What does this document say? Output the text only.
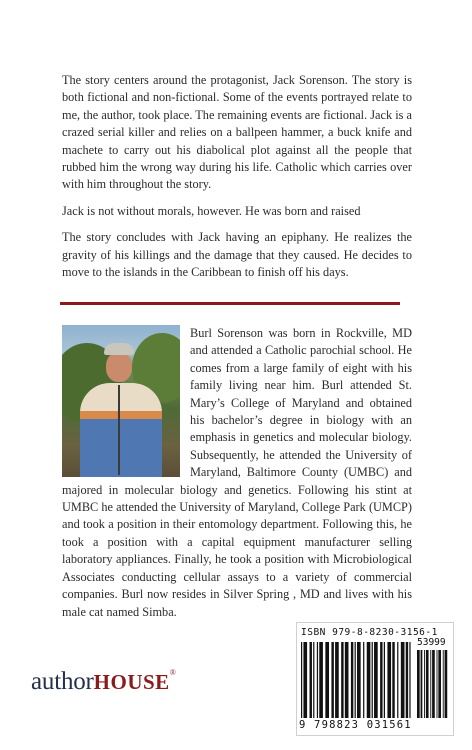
The story centers around the protagonist, Jack Sorenson. The story is both fictional and non-fictional. Some of the events portrayed relate to me, the author, took place. The remaining events are fictional. Jack is a crazed serial killer and relies on a ballpeen hammer, a buck knife and machete to carry out his diabolical plot against all the people that rubbed him the wrong way during his life. Catholic which carries over with him throughout the story.

Jack is not without morals, however. He was born and raised

The story concludes with Jack having an epiphany. He realizes the gravity of his killings and the damage that they caused. He decides to move to the islands in the Caribbean to finish off his days.

Burl Sorenson was born in Rockville, MD and attended a Catholic parochial school. He comes from a large family of eight with his family living near him. Burl attended St. Mary’s College of Maryland and obtained his bachelor’s degree in biology with an emphasis in genetics and molecular biology. Subsequently, he attended the University of Maryland, Baltimore County (UMBC) and majored in molecular biology and genetics. Following his stint at UMBC he attended the University of Maryland, College Park (UMCP) and took a position in their entomology department. Following this, he took a position with a capital equipment manufacturer selling laboratory appliances. Finally, he took a position with Microbiological Associates conducting cellular assays to a variety of commercial companies. Burl now resides in Silver Spring , MD and lives with his male cat named Simba.
authorHOUSE®
ISBN 979-8-8230-3156-1
53999
9 798823 031561
